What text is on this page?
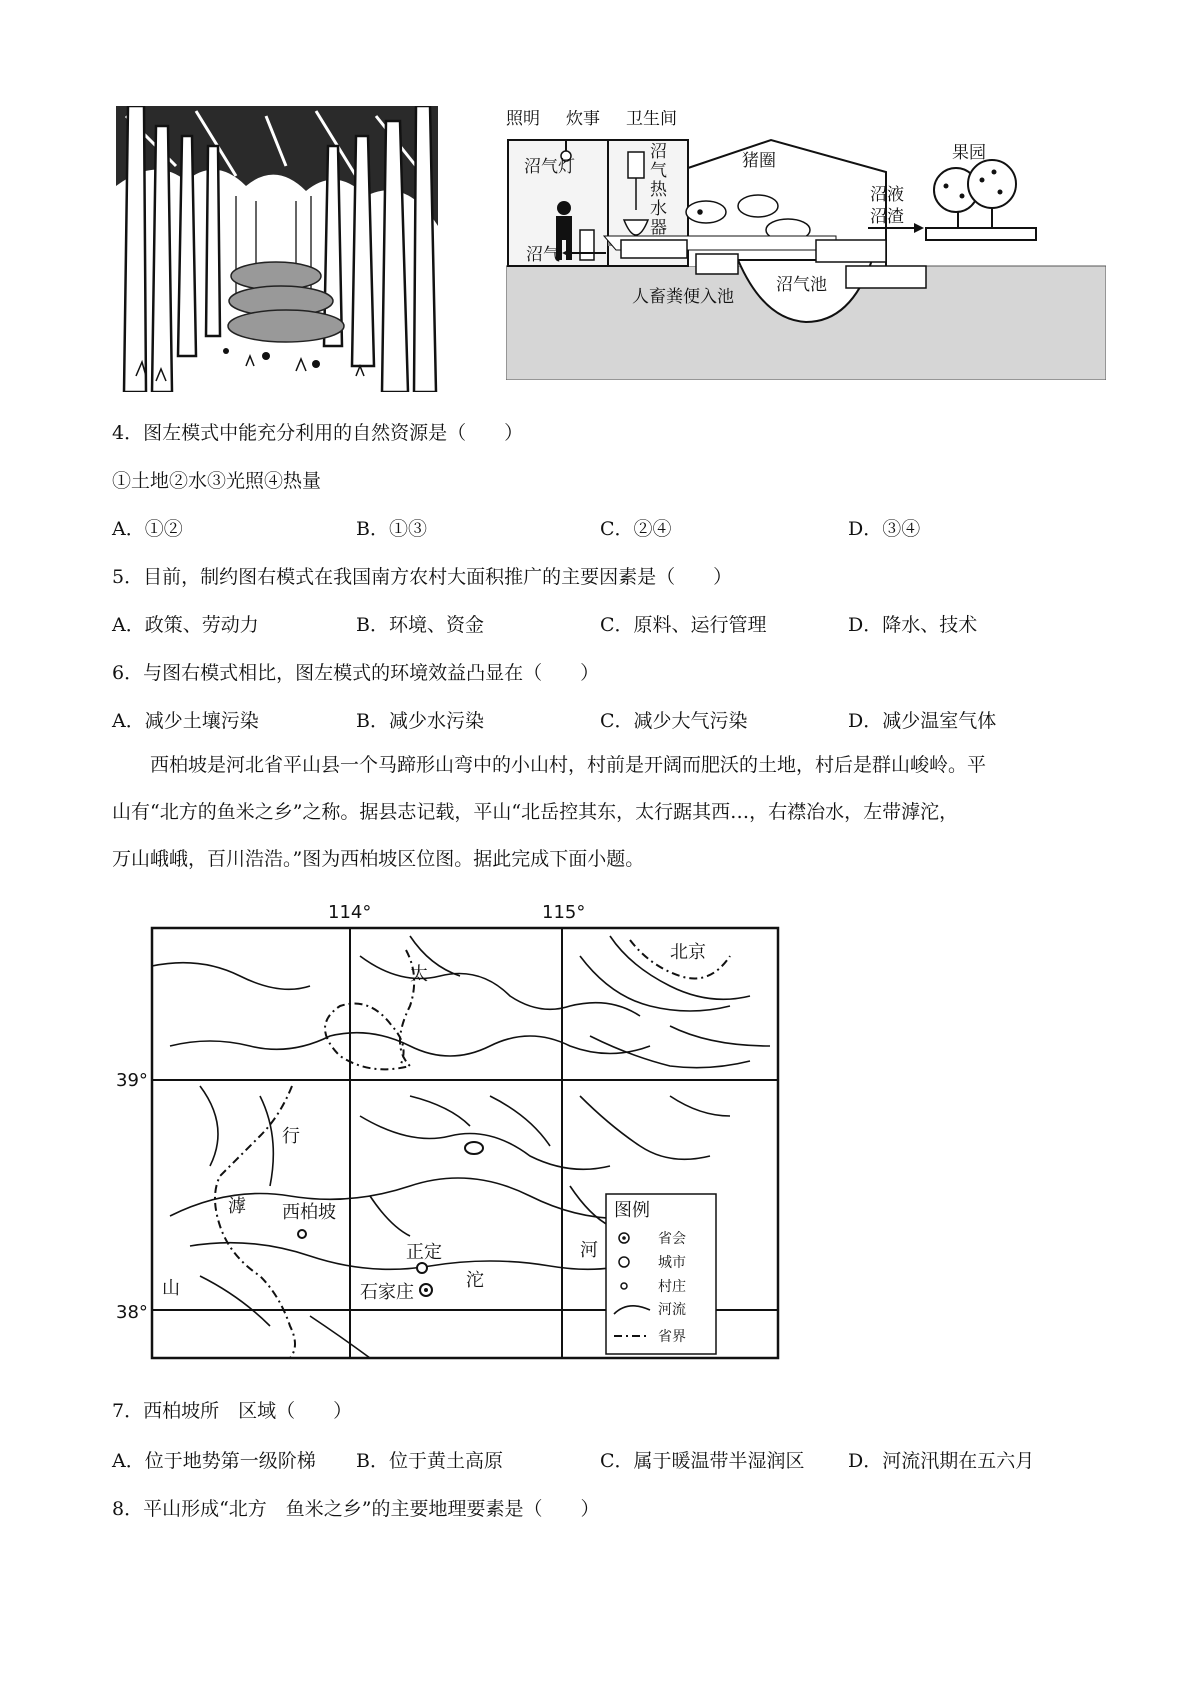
照明 炊事 卫生间
沼气灯	沼气热水器	猪圈	果园
沼液
沼渣
沼气
人畜粪便入池
沼气池
4．图左模式中能充分利用的自然资源是（　　）
①土地②水③光照④热量
A．①②	B．①③	C．②④	D．③④
5．目前，制约图右模式在我国南方农村大面积推广的主要因素是（　　）
A．政策、劳动力	B．环境、资金	C．原料、运行管理	D．降水、技术
6．与图右模式相比，图左模式的环境效益凸显在（　　）
A．减少土壤污染	B．减少水污染	C．减少大气污染	D．减少温室气体
西柏坡是河北省平山县一个马蹄形山弯中的小山村，村前是开阔而肥沃的土地，村后是群山峻岭。平
山有“北方的鱼米之乡”之称。据县志记载，平山“北岳控其东，太行踞其西…，右襟冶水，左带滹沱，
万山峨峨，百川浩浩。”图为西柏坡区位图。据此完成下面小题。
114°	115°
39°
38°
北京
西柏坡
正定
石家庄
太
行
山
滹
沱
河
图例
省会
城市
村庄
河流
省界
7．西柏坡所　区域（　　）
A．位于地势第一级阶梯 B．位于黄土高原	C．属于暖温带半湿润区 D．河流汛期在五六月
8．平山形成“北方　鱼米之乡”的主要地理要素是（　　）
